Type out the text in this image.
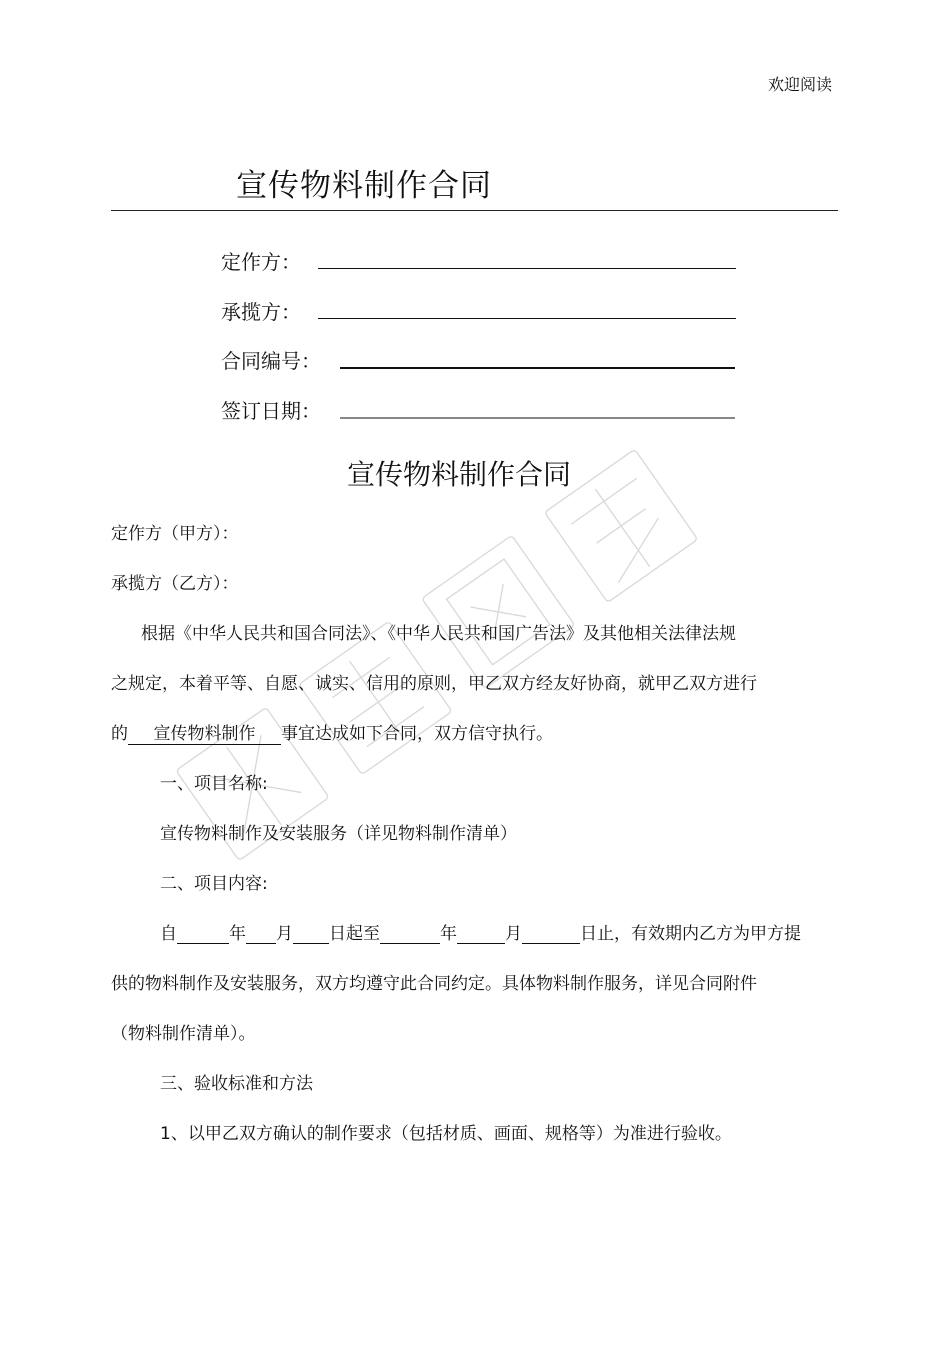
欢迎阅读
宣传物料制作合同
定作方：
承揽方：
合同编号：
签订日期：
宣传物料制作合同
定作方（甲方）：
承揽方（乙方）：
根据《中华人民共和国合同法》、《中华人民共和国广告法》及其他相关法律法规
之规定，本着平等、自愿、诚实、信用的原则，甲乙双方经友好协商，就甲乙双方进行
的 宣传物料制作 事宜达成如下合同，双方信守执行。
一、项目名称:
宣传物料制作及安装服务（详见物料制作清单）
二、项目内容:
自	年 月 日起至	年	月	日止，有效期内乙方为甲方提
供的物料制作及安装服务，双方均遵守此合同约定。具体物料制作服务，详见合同附件
（物料制作清单）。
三、验收标准和方法
1、以甲乙双方确认的制作要求（包括材质、画面、规格等）为准进行验收。
